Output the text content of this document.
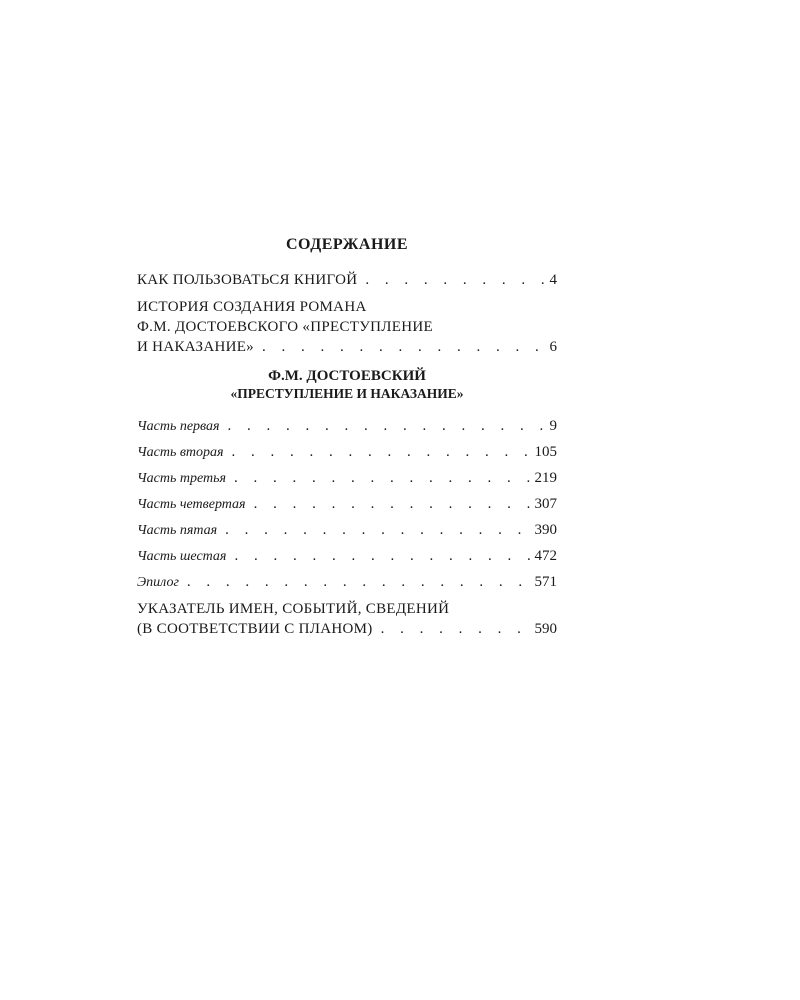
СОДЕРЖАНИЕ
КАК ПОЛЬЗОВАТЬСЯ КНИГОЙ . . .	4
ИСТОРИЯ СОЗДАНИЯ РОМАНА
Ф.М. ДОСТОЕВСКОГО «ПРЕСТУПЛЕНИЕ
И НАКАЗАНИЕ» . . .	6
Ф.М. ДОСТОЕВСКИЙ
«ПРЕСТУПЛЕНИЕ И НАКАЗАНИЕ»
Часть первая . . .	9
Часть вторая . . .	105
Часть третья . . .	219
Часть четвертая . . .	307
Часть пятая . . .	390
Часть шестая . . .	472
Эпилог . . .	571
УКАЗАТЕЛЬ ИМЕН, СОБЫТИЙ, СВЕДЕНИЙ
(В СООТВЕТСТВИИ С ПЛАНОМ) . . .	590
